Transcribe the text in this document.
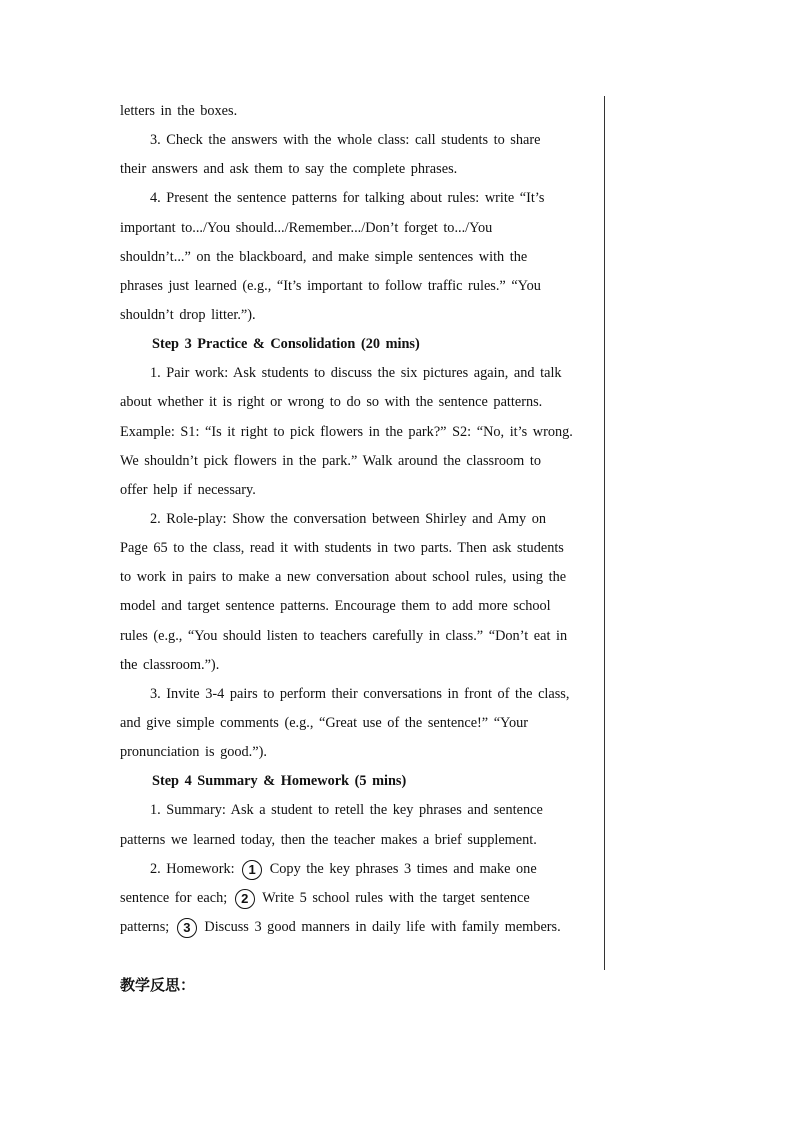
letters in the boxes.
3. Check the answers with the whole class: call students to share
their answers and ask them to say the complete phrases.
4. Present the sentence patterns for talking about rules: write “It’s
important to.../You should.../Remember.../Don’t forget to.../You
shouldn’t...” on the blackboard, and make simple sentences with the
phrases just learned (e.g., “It’s important to follow traffic rules.” “You
shouldn’t drop litter.”).
Step 3 Practice & Consolidation (20 mins)
1. Pair work: Ask students to discuss the six pictures again, and talk
about whether it is right or wrong to do so with the sentence patterns.
Example: S1: “Is it right to pick flowers in the park?” S2: “No, it’s wrong.
We shouldn’t pick flowers in the park.” Walk around the classroom to
offer help if necessary.
2. Role-play: Show the conversation between Shirley and Amy on
Page 65 to the class, read it with students in two parts. Then ask students
to work in pairs to make a new conversation about school rules, using the
model and target sentence patterns. Encourage them to add more school
rules (e.g., “You should listen to teachers carefully in class.” “Don’t eat in
the classroom.”).
3. Invite 3-4 pairs to perform their conversations in front of the class,
and give simple comments (e.g., “Great use of the sentence!” “Your
pronunciation is good.”).
Step 4 Summary & Homework (5 mins)
1. Summary: Ask a student to retell the key phrases and sentence
patterns we learned today, then the teacher makes a brief supplement.
2. Homework: 1 Copy the key phrases 3 times and make one
sentence for each; 2 Write 5 school rules with the target sentence
patterns; 3 Discuss 3 good manners in daily life with family members.
教学反思：
